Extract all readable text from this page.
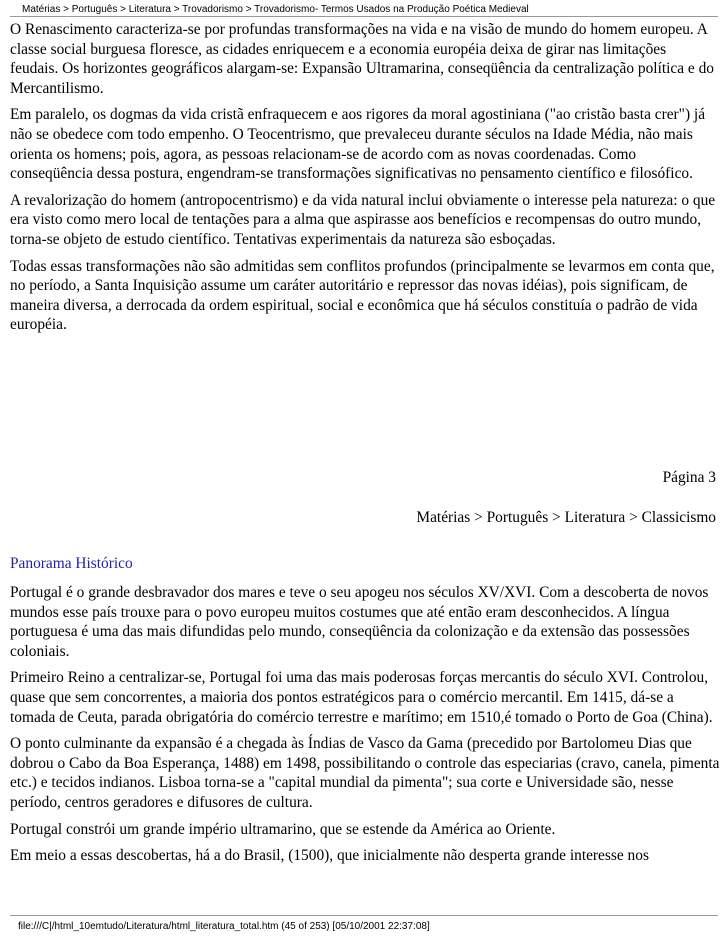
Matérias > Português > Literatura > Trovadorismo > Trovadorismo- Termos Usados na Produção Poética Medieval

O Renascimento caracteriza-se por profundas transformações na vida e na visão de mundo do homem europeu. A classe social burguesa floresce, as cidades enriquecem e a economia européia deixa de girar nas limitações feudais. Os horizontes geográficos alargam-se: Expansão Ultramarina, conseqüência da centralização política e do Mercantilismo.

Em paralelo, os dogmas da vida cristã enfraquecem e aos rigores da moral agostiniana ("ao cristão basta crer") já não se obedece com todo empenho. O Teocentrismo, que prevaleceu durante séculos na Idade Média, não mais orienta os homens; pois, agora, as pessoas relacionam-se de acordo com as novas coordenadas. Como conseqüência dessa postura, engendram-se transformações significativas no pensamento científico e filosófico.

A revalorização do homem (antropocentrismo) e da vida natural inclui obviamente o interesse pela natureza: o que era visto como mero local de tentações para a alma que aspirasse aos benefícios e recompensas do outro mundo, torna-se objeto de estudo científico. Tentativas experimentais da natureza são esboçadas.

Todas essas transformações não são admitidas sem conflitos profundos (principalmente se levarmos em conta que, no período, a Santa Inquisição assume um caráter autoritário e repressor das novas idéias), pois significam, de maneira diversa, a derrocada da ordem espiritual, social e econômica que há séculos constituía o padrão de vida européia.

Página 3
Matérias > Português > Literatura > Classicismo
Panorama Histórico

Portugal é o grande desbravador dos mares e teve o seu apogeu nos séculos XV/XVI. Com a descoberta de novos mundos esse país trouxe para o povo europeu muitos costumes que até então eram desconhecidos. A língua portuguesa é uma das mais difundidas pelo mundo, conseqüência da colonização e da extensão das possessões coloniais.

Primeiro Reino a centralizar-se, Portugal foi uma das mais poderosas forças mercantis do século XVI. Controlou, quase que sem concorrentes, a maioria dos pontos estratégicos para o comércio mercantil. Em 1415, dá-se a tomada de Ceuta, parada obrigatória do comércio terrestre e marítimo; em 1510,é tomado o Porto de Goa (China).

O ponto culminante da expansão é a chegada às Índias de Vasco da Gama (precedido por Bartolomeu Dias que dobrou o Cabo da Boa Esperança, 1488) em 1498, possibilitando o controle das especiarias (cravo, canela, pimenta etc.) e tecidos indianos. Lisboa torna-se a "capital mundial da pimenta"; sua corte e Universidade são, nesse período, centros geradores e difusores de cultura.

Portugal constrói um grande império ultramarino, que se estende da América ao Oriente.

Em meio a essas descobertas, há a do Brasil, (1500), que inicialmente não desperta grande interesse nos

file:///C|/html_10emtudo/Literatura/html_literatura_total.htm (45 of 253) [05/10/2001 22:37:08]
